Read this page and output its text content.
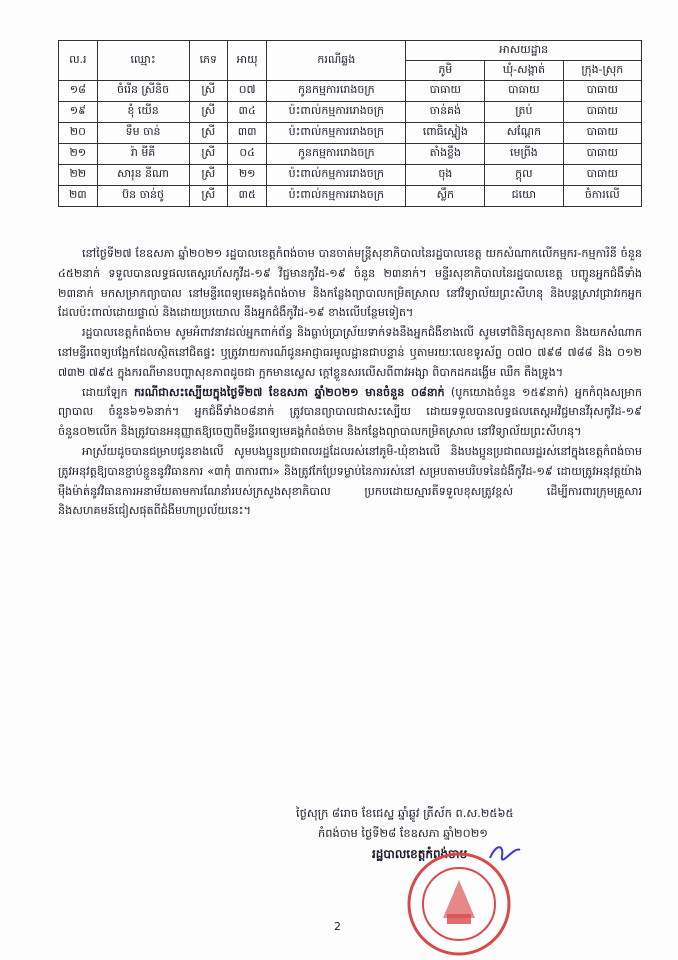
ល.រ	ឈ្មោះ	ភេទ	អាយុ	ករណីឆ្លង	អាសយដ្ឋាន		
					ភូមិ	ឃុំ-សង្កាត់	ក្រុង-ស្រុក
១៨	ចំរើន ស្រីនិច	ស្រី	០៧	កូនកម្មការរោងចក្រ	បាធាយ	បាធាយ	បាធាយ
១៩	ខុំ យើន	ស្រី	៣៤	ប៉ះពាល់កម្មការរោងចក្រ	ចាន់គង់	ត្រប់	បាធាយ
២០	ទឹម ចាន់	ស្រី	៣៣	ប៉ះពាល់កម្មការរោងចក្រ	ពោធិស្នៀង	សណ្តែក	បាធាយ
២១	រ៉ា មីគី	ស្រី	០៤	កូនកម្មការរោងចក្រ	តាំងខ្លឹង	មេព្រីង	បាធាយ
២២	សារុន នីណា	ស្រី	២១	ប៉ះពាល់កម្មការរោងចក្រ	ចុង	ក្ដុល	បាធាយ
២៣	ប៊ន ចាន់ថូ	ស្រី	៣៥	ប៉ះពាល់កម្មការរោងចក្រ	ស្លឹក	ជយោ	ចំការលើ

នៅថ្ងៃទី២៧ ខែឧសភា ឆ្នាំ២០២១ រដ្ឋបាលខេត្តកំពង់ចាម បានចាត់មន្ត្រីសុខាភិបាលនៃរដ្ឋបាលខេត្ត យកសំណាកលើកម្មករ-កម្មការិនី ចំនួន ៤៥២នាក់ ទទួលបានលទ្ធផលតេស្តរហ័សកូវីដ-១៩ វិជ្ជមានកូវីដ-១៩ ចំនួន ២៣នាក់។ មន្ទីរសុខាភិបាលនៃរដ្ឋបាលខេត្ត បញ្ជូនអ្នកជំងឺទាំង ២៣នាក់ មកសម្រាកព្យាបាល នៅមន្ទីរពេទ្យមេគង្គកំពង់ចាម និងកន្លែងព្យាបាលកម្រិតស្រាល នៅវិទ្យាល័យព្រះសីហនុ និងបន្តស្រាវជ្រាវរកអ្នកដែលប៉ះពាល់ដោយផ្ទាល់ និងដោយប្រយោល នឹងអ្នកជំងឺកូវីដ-១៩ ខាងលើបន្ថែមទៀត។

រដ្ឋបាលខេត្តកំពង់ចាម សូមអំពាវនាវដល់អ្នកពាក់ព័ន្ធ និងធ្លាប់ប្រាស្រ័យទាក់ទងនឹងអ្នកជំងឺខាងលើ សូមទៅពិនិត្យសុខភាព និងយកសំណាក នៅមន្ទីរពេទ្យបង្អែកដែលស្ថិតនៅជិតផ្ទះ ឬត្រូវរាយការណ៍ជូនអាជ្ញាធរមូលដ្ឋានជាបន្ទាន់ ឬតាមរយៈលេខទូរស័ព្ទ ០៧០ ៧៩៨ ៧៨៨ និង ០១២ ៧៣២ ៧៩៥ ក្នុងករណីមានបញ្ហាសុខភាពដូចជា ក្អកមានស្លេស ក្តៅខ្លួនសរលើសពីពាវអង្សា ពិបាកដកដង្ហើម ឈឺក តឹងទ្រូង។

ដោយឡែក ករណីជាសះស្បើយក្នុងថ្ងៃទី២៧ ខែឧសភា ឆ្នាំ២០២១ មានចំនួន ០៨នាក់ (បូកយោងចំនួន ១៥៩នាក់) អ្នកកំពុងសម្រាកព្យាបាល ចំនួន៦១៦នាក់។ អ្នកជំងឺទាំង០៨នាក់ ត្រូវបានព្យាបាលជាសះស្បើយ ដោយទទួលបានលទ្ធផលតេស្តអវិជ្ជមានវីរុសកូវីដ-១៩ ចំនួន០២លើក និងត្រូវបានអនុញ្ញាតឱ្យចេញពីមន្ទីរពេទ្យមេគង្គកំពង់ចាម និងកន្លែងព្យាបាលកម្រិតស្រាល នៅវិទ្យាល័យព្រះសីហនុ។

អាស្រ័យដូចបានជម្រាបជូនខាងលើ សូមបងប្អូនប្រជាពលរដ្ឋដែលរស់នៅភូមិ-ឃុំខាងលើ និងបងប្អូនប្រជាពលរដ្ឋរស់នៅក្នុងខេត្តកំពង់ចាម ត្រូវអនុវត្តឱ្យបានខ្ជាប់ខ្ជួននូវវិធានការ «៣កុំ ៣ការពារ» និងត្រូវកែប្រែទម្លាប់នៃការរស់នៅ សម្របតាមបរិបទនៃជំងឺកូវីដ-១៩ ដោយត្រូវអនុវត្តយ៉ាងម៉ឺងម៉ាត់នូវវិធានការអនាម័យតាមការណែនាំរបស់ក្រសួងសុខាភិបាល ប្រកបដោយស្មារតីទទួលខុសត្រូវខ្ពស់ ដើម្បីការពារក្រុមគ្រួសារ និងសហគមន៍ជៀសផុតពីជំងឺមហាប្រល័យនេះ។

ថ្ងៃសុក្រ ៨រោច ខែជេស្ឋ ឆ្នាំឆ្លូវ ត្រីស័ក ព.ស.២៥៦៥
កំពង់ចាម ថ្ងៃទី២៨ ខែឧសភា ឆ្នាំ២០២១
រដ្ឋបាលខេត្តកំពង់ចាម
2
